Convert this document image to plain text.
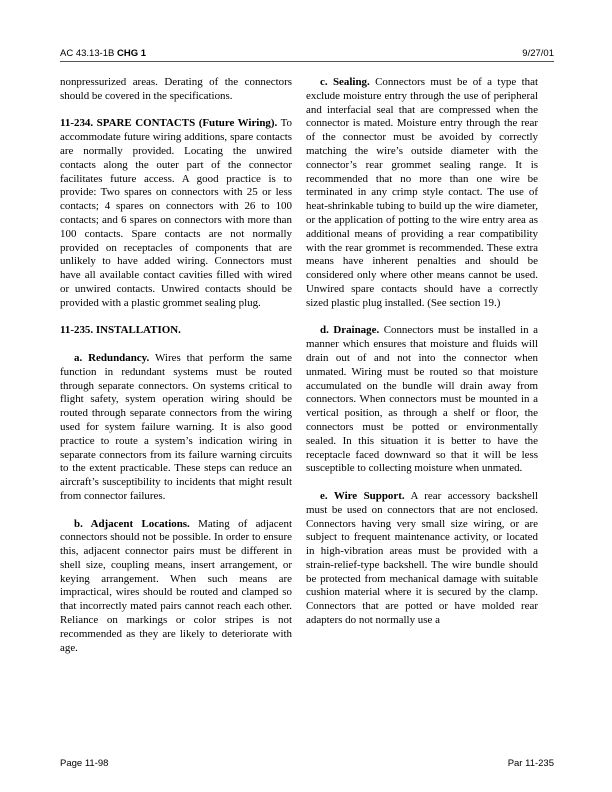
AC 43.13-1B CHG 1	9/27/01

nonpressurized areas. Derating of the connectors should be covered in the specifications.

11-234. SPARE CONTACTS (Future Wiring). To accommodate future wiring additions, spare contacts are normally provided. Locating the unwired contacts along the outer part of the connector facilitates future access. A good practice is to provide: Two spares on connectors with 25 or less contacts; 4 spares on connectors with 26 to 100 contacts; and 6 spares on connectors with more than 100 contacts. Spare contacts are not normally provided on receptacles of components that are unlikely to have added wiring. Connectors must have all available contact cavities filled with wired or unwired contacts. Unwired contacts should be provided with a plastic grommet sealing plug.

11-235. INSTALLATION.

a. Redundancy. Wires that perform the same function in redundant systems must be routed through separate connectors. On systems critical to flight safety, system operation wiring should be routed through separate connectors from the wiring used for system failure warning. It is also good practice to route a system’s indication wiring in separate connectors from its failure warning circuits to the extent practicable. These steps can reduce an aircraft’s susceptibility to incidents that might result from connector failures.

b. Adjacent Locations. Mating of adjacent connectors should not be possible. In order to ensure this, adjacent connector pairs must be different in shell size, coupling means, insert arrangement, or keying arrangement. When such means are impractical, wires should be routed and clamped so that incorrectly mated pairs cannot reach each other. Reliance on markings or color stripes is not recommended as they are likely to deteriorate with age.

c. Sealing. Connectors must be of a type that exclude moisture entry through the use of peripheral and interfacial seal that are compressed when the connector is mated. Moisture entry through the rear of the connector must be avoided by correctly matching the wire’s outside diameter with the connector’s rear grommet sealing range. It is recommended that no more than one wire be terminated in any crimp style contact. The use of heat-shrinkable tubing to build up the wire diameter, or the application of potting to the wire entry area as additional means of providing a rear compatibility with the rear grommet is recommended. These extra means have inherent penalties and should be considered only where other means cannot be used. Unwired spare contacts should have a correctly sized plastic plug installed. (See section 19.)

d. Drainage. Connectors must be installed in a manner which ensures that moisture and fluids will drain out of and not into the connector when unmated. Wiring must be routed so that moisture accumulated on the bundle will drain away from connectors. When connectors must be mounted in a vertical position, as through a shelf or floor, the connectors must be potted or environmentally sealed. In this situation it is better to have the receptacle faced downward so that it will be less susceptible to collecting moisture when unmated.

e. Wire Support. A rear accessory backshell must be used on connectors that are not enclosed. Connectors having very small size wiring, or are subject to frequent maintenance activity, or located in high-vibration areas must be provided with a strain-relief-type backshell. The wire bundle should be protected from mechanical damage with suitable cushion material where it is secured by the clamp. Connectors that are potted or have molded rear adapters do not normally use a

Page 11-98	Par 11-235
